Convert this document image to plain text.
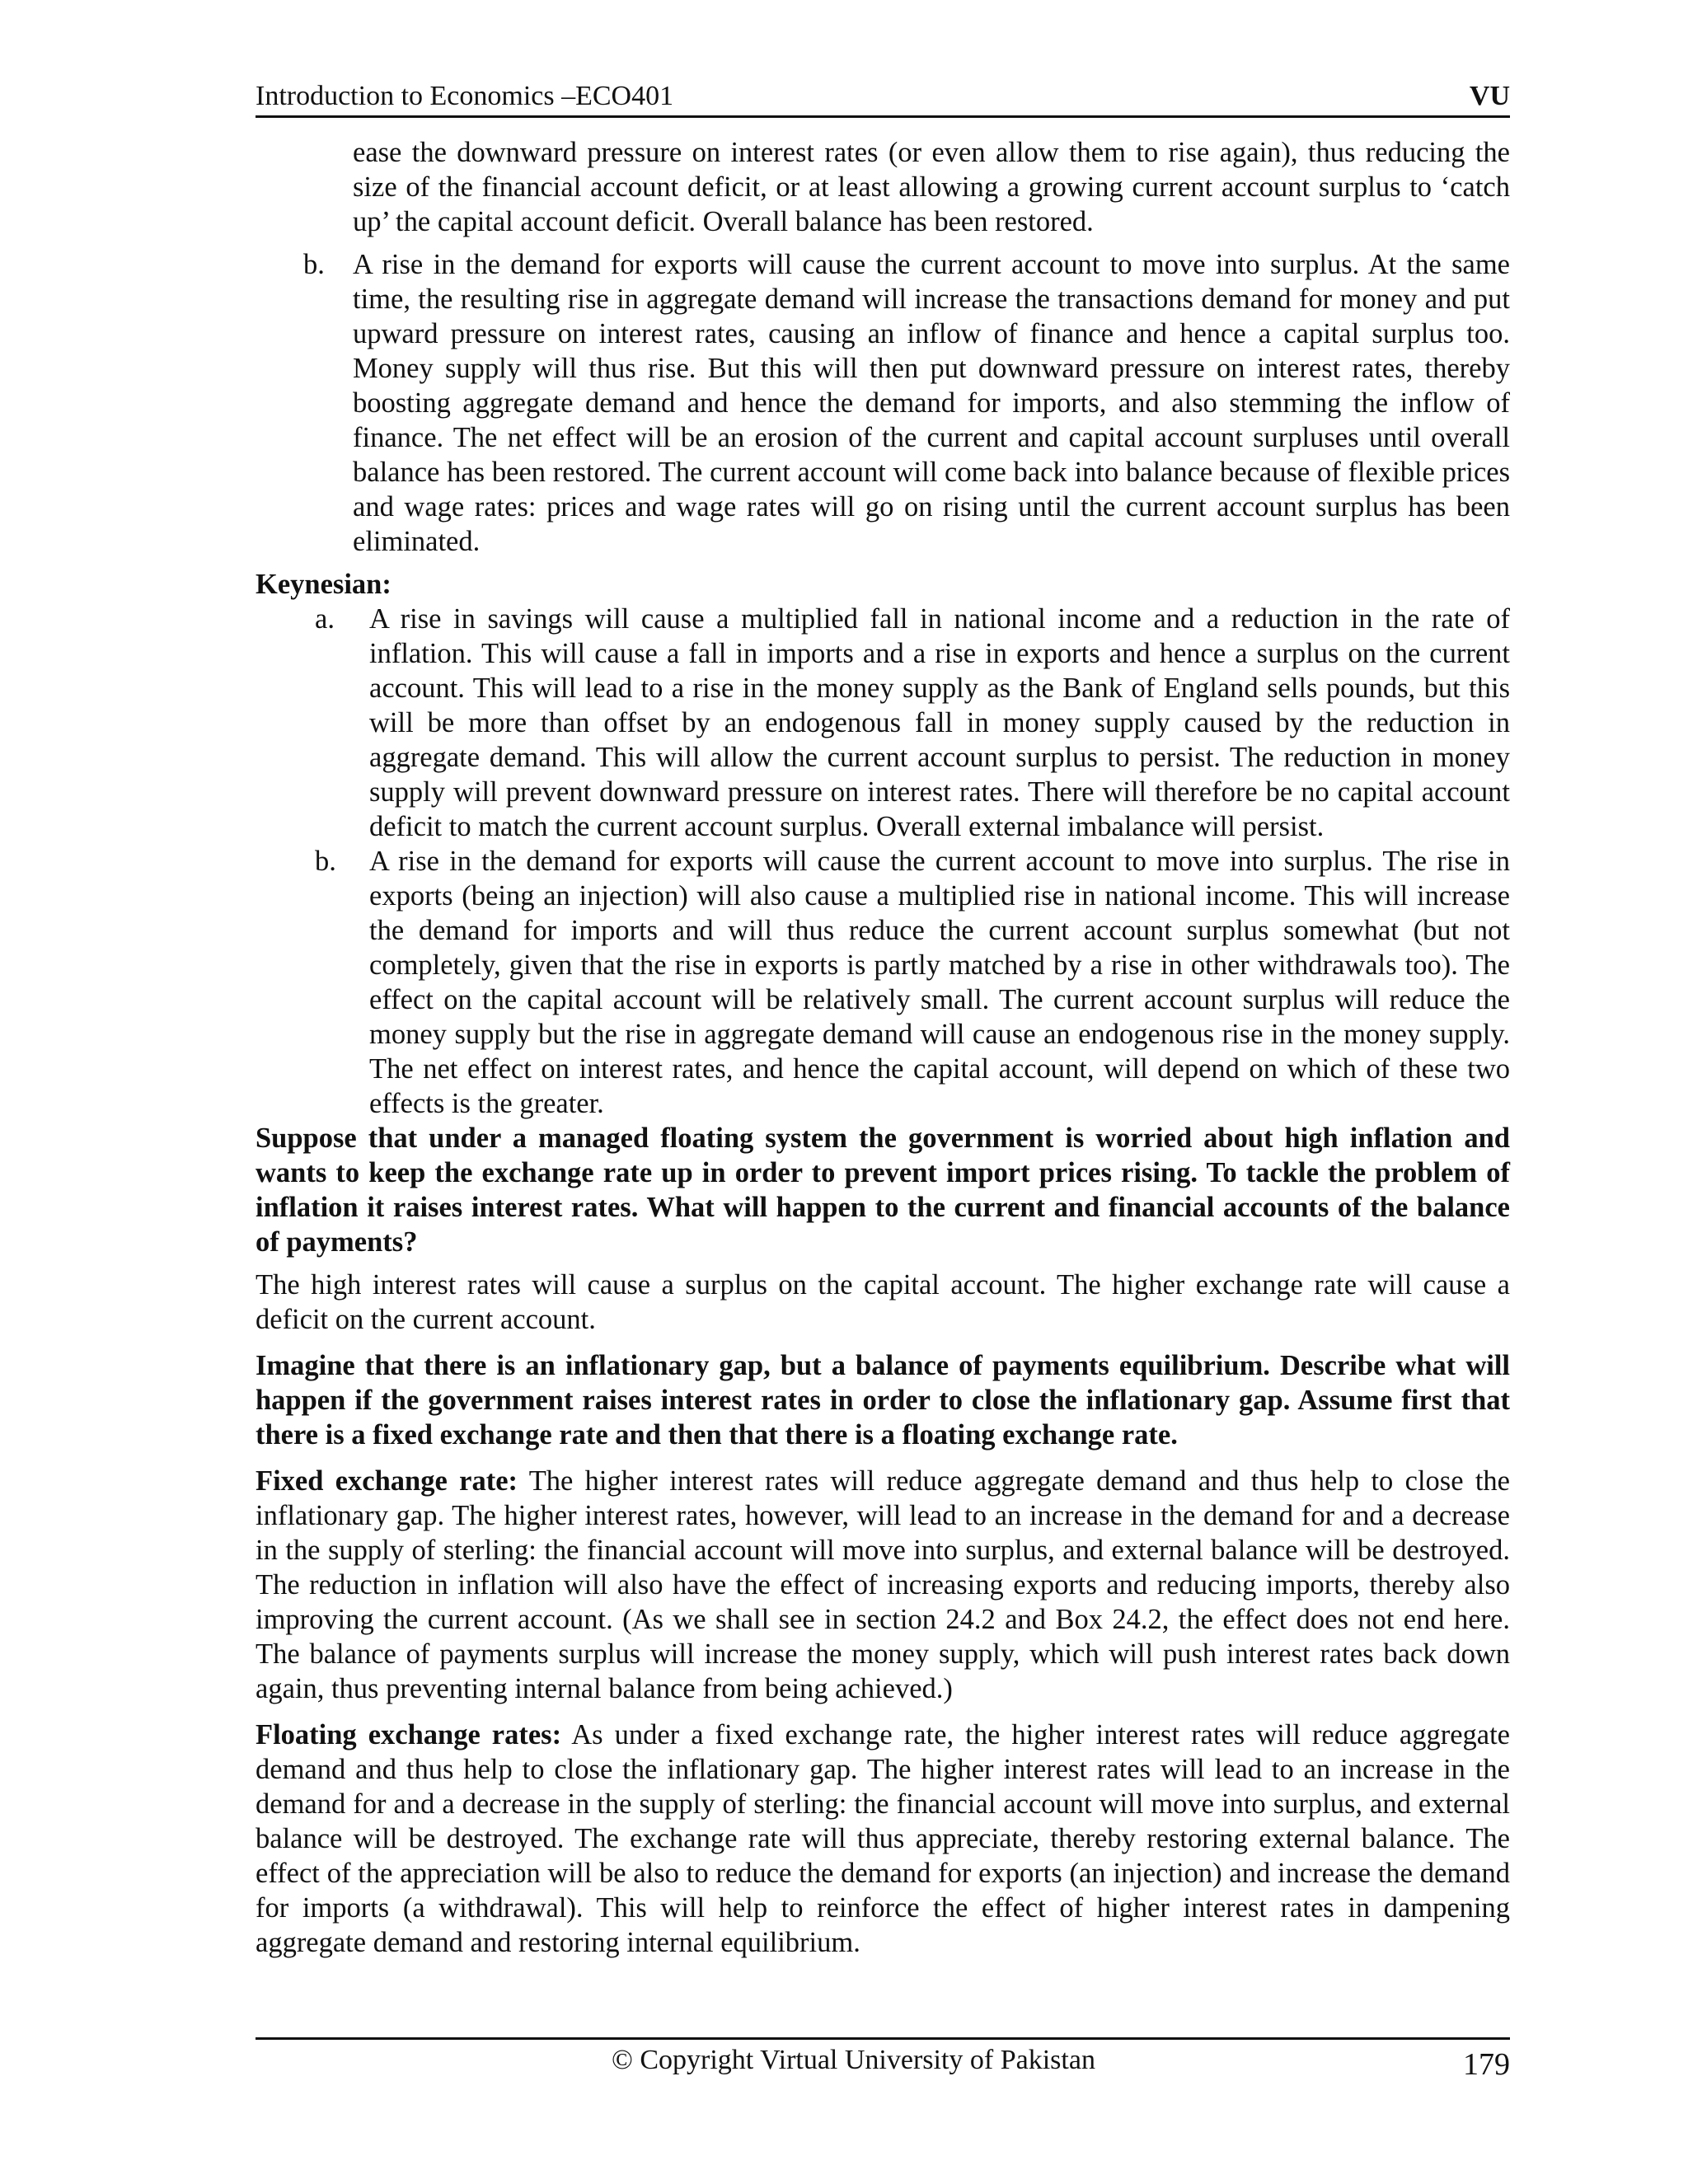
Introduction to Economics –ECO401	VU

ease the downward pressure on interest rates (or even allow them to rise again), thus reducing the size of the financial account deficit, or at least allowing a growing current account surplus to ‘catch up’ the capital account deficit. Overall balance has been restored.

b. A rise in the demand for exports will cause the current account to move into surplus. At the same time, the resulting rise in aggregate demand will increase the transactions demand for money and put upward pressure on interest rates, causing an inflow of finance and hence a capital surplus too. Money supply will thus rise. But this will then put downward pressure on interest rates, thereby boosting aggregate demand and hence the demand for imports, and also stemming the inflow of finance. The net effect will be an erosion of the current and capital account surpluses until overall balance has been restored. The current account will come back into balance because of flexible prices and wage rates: prices and wage rates will go on rising until the current account surplus has been eliminated.

Keynesian:

a. A rise in savings will cause a multiplied fall in national income and a reduction in the rate of inflation. This will cause a fall in imports and a rise in exports and hence a surplus on the current account. This will lead to a rise in the money supply as the Bank of England sells pounds, but this will be more than offset by an endogenous fall in money supply caused by the reduction in aggregate demand. This will allow the current account surplus to persist. The reduction in money supply will prevent downward pressure on interest rates. There will therefore be no capital account deficit to match the current account surplus. Overall external imbalance will persist.

b. A rise in the demand for exports will cause the current account to move into surplus. The rise in exports (being an injection) will also cause a multiplied rise in national income. This will increase the demand for imports and will thus reduce the current account surplus somewhat (but not completely, given that the rise in exports is partly matched by a rise in other withdrawals too). The effect on the capital account will be relatively small. The current account surplus will reduce the money supply but the rise in aggregate demand will cause an endogenous rise in the money supply. The net effect on interest rates, and hence the capital account, will depend on which of these two effects is the greater.

Suppose that under a managed floating system the government is worried about high inflation and wants to keep the exchange rate up in order to prevent import prices rising. To tackle the problem of inflation it raises interest rates. What will happen to the current and financial accounts of the balance of payments?

The high interest rates will cause a surplus on the capital account. The higher exchange rate will cause a deficit on the current account.

Imagine that there is an inflationary gap, but a balance of payments equilibrium. Describe what will happen if the government raises interest rates in order to close the inflationary gap. Assume first that there is a fixed exchange rate and then that there is a floating exchange rate.

Fixed exchange rate: The higher interest rates will reduce aggregate demand and thus help to close the inflationary gap. The higher interest rates, however, will lead to an increase in the demand for and a decrease in the supply of sterling: the financial account will move into surplus, and external balance will be destroyed. The reduction in inflation will also have the effect of increasing exports and reducing imports, thereby also improving the current account. (As we shall see in section 24.2 and Box 24.2, the effect does not end here. The balance of payments surplus will increase the money supply, which will push interest rates back down again, thus preventing internal balance from being achieved.)

Floating exchange rates: As under a fixed exchange rate, the higher interest rates will reduce aggregate demand and thus help to close the inflationary gap. The higher interest rates will lead to an increase in the demand for and a decrease in the supply of sterling: the financial account will move into surplus, and external balance will be destroyed. The exchange rate will thus appreciate, thereby restoring external balance. The effect of the appreciation will be also to reduce the demand for exports (an injection) and increase the demand for imports (a withdrawal). This will help to reinforce the effect of higher interest rates in dampening aggregate demand and restoring internal equilibrium.

© Copyright Virtual University of Pakistan	179
